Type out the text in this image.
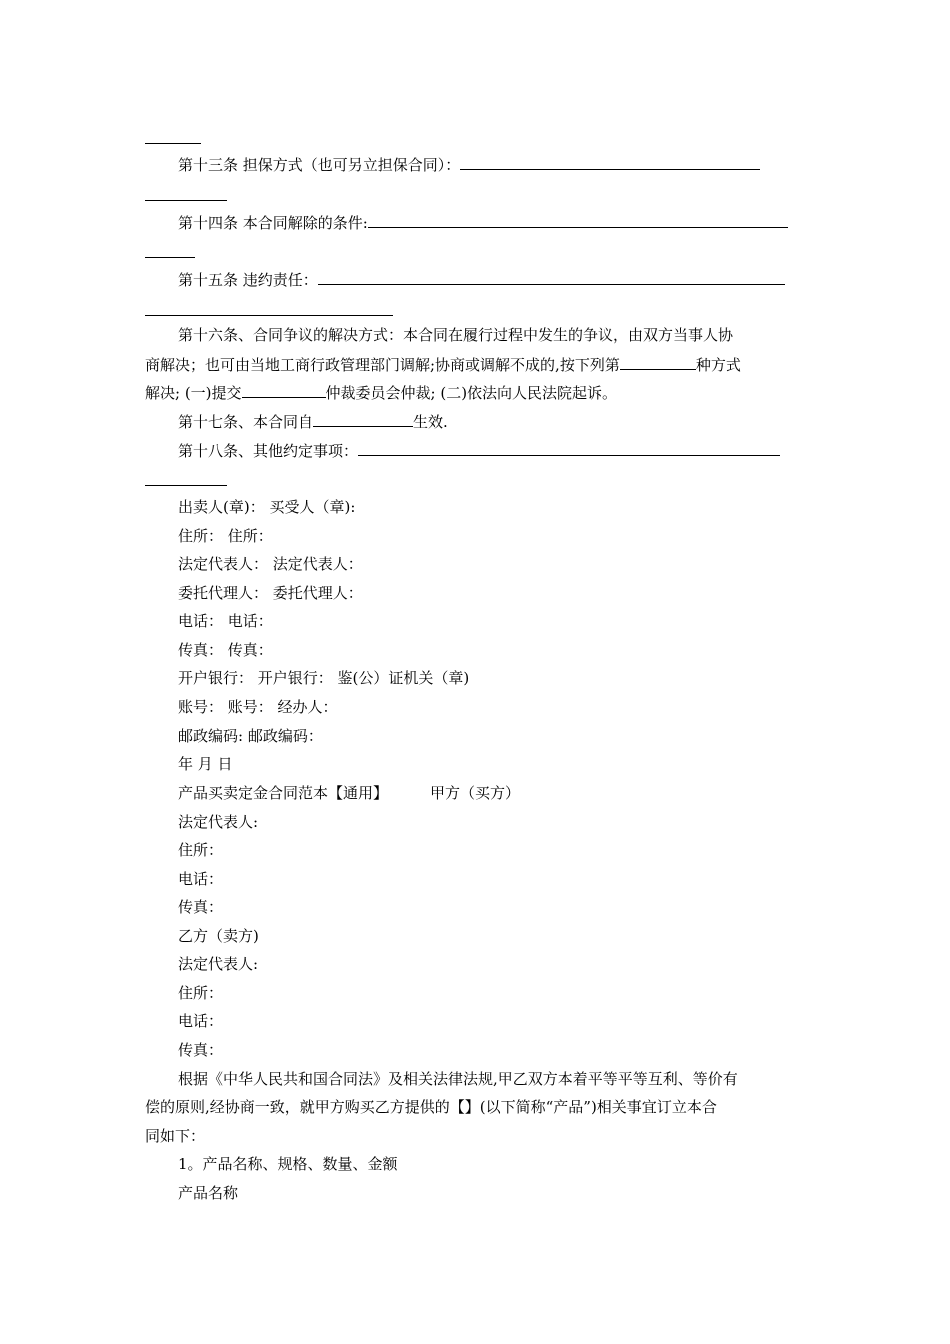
第十三条 担保方式（也可另立担保合同）：
第十四条 本合同解除的条件:
第十五条 违约责任：
第十六条、合同争议的解决方式：本合同在履行过程中发生的争议，由双方当事人协
商解决；也可由当地工商行政管理部门调解;协商或调解不成的,按下列第	种方式
解决; (一)提交	仲裁委员会仲裁; (二)依法向人民法院起诉。
第十七条、本合同自	生效.
第十八条、其他约定事项：
出卖人(章)： 买受人（章):
住所： 住所：
法定代表人： 法定代表人：
委托代理人： 委托代理人：
电话： 电话：
传真： 传真：
开户银行： 开户银行： 鉴(公）证机关（章)
账号： 账号： 经办人：
邮政编码: 邮政编码：
年 月 日
产品买卖定金合同范本【通用】	甲方（买方）
法定代表人:
住所：
电话：
传真：
乙方（卖方)
法定代表人:
住所：
电话：
传真：
根据《中华人民共和国合同法》及相关法律法规,甲乙双方本着平等平等互利、等价有
偿的原则,经协商一致，就甲方购买乙方提供的【】(以下简称“产品”)相关事宜订立本合
同如下：
1。产品名称、规格、数量、金额
产品名称
